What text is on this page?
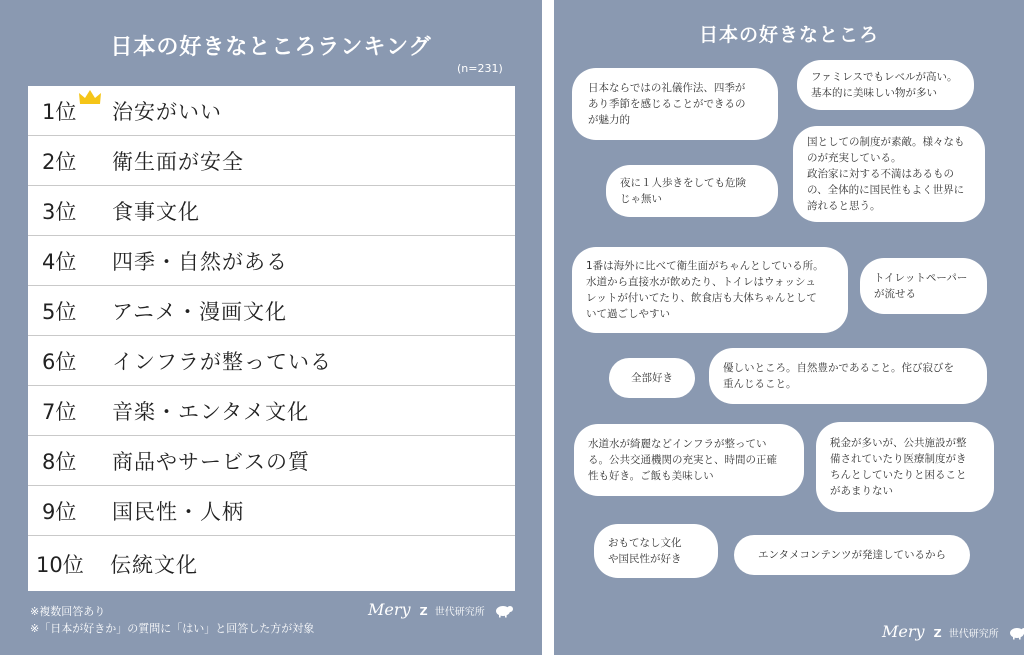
日本の好きなところランキング
(n=231)
1位 治安がいい
2位 衛生面が安全
3位 食事文化
4位 四季・自然がある
5位 アニメ・漫画文化
6位 インフラが整っている
7位 音楽・エンタメ文化
8位 商品やサービスの質
9位 国民性・人柄
10位 伝統文化
※複数回答あり
※「日本が好きか」の質問に「はい」と回答した方が対象
Mery Z 世代研究所
日本の好きなところ
日本ならではの礼儀作法、四季が
あり季節を感じることができるの
が魅力的
ファミレスでもレベルが高い。
基本的に美味しい物が多い
国としての制度が素敵。様々なも
のが充実している。
政治家に対する不満はあるもの
の、全体的に国民性もよく世界に
誇れると思う。
夜に１人歩きをしても危険
じゃ無い
1番は海外に比べて衛生面がちゃんとしている所。
水道から直接水が飲めたり、トイレはウォッシュ
レットが付いてたり、飲食店も大体ちゃんとして
いて過ごしやすい
トイレットペーパー
が流せる
全部好き
優しいところ。自然豊かであること。侘び寂びを
重んじること。
水道水が綺麗などインフラが整ってい
る。公共交通機関の充実と、時間の正確
性も好き。ご飯も美味しい
税金が多いが、公共施設が整
備されていたり医療制度がき
ちんとしていたりと困ること
があまりない
おもてなし文化
や国民性が好き	エンタメコンテンツが発達しているから
Mery Z 世代研究所
